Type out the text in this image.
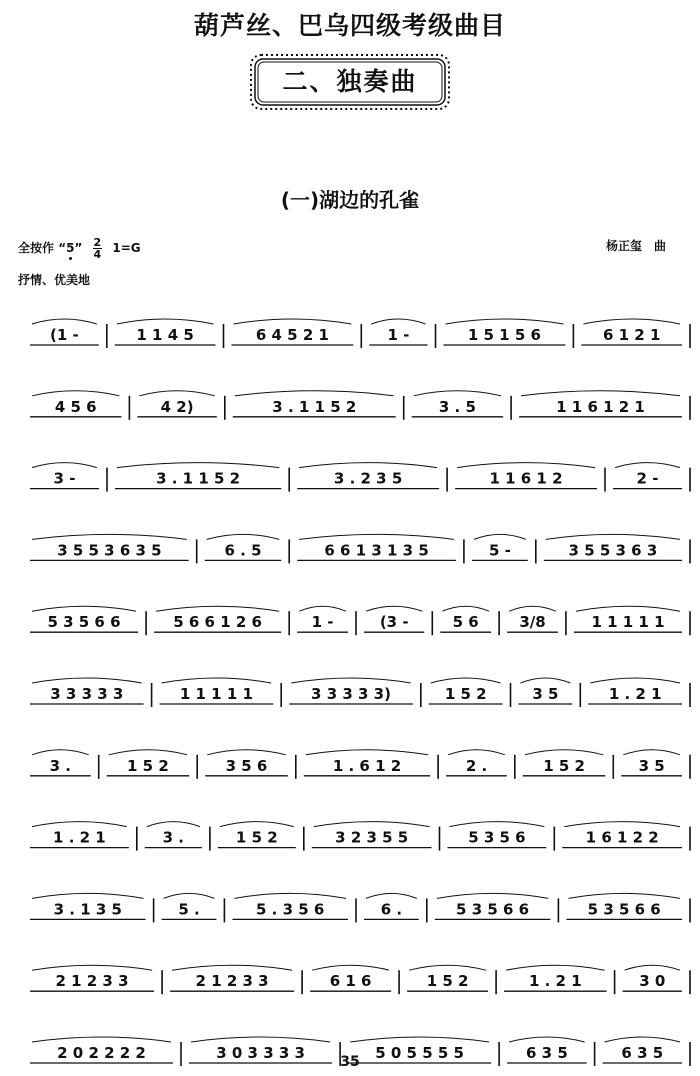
葫芦丝、巴乌四级考级曲目
二、独奏曲
(一)湖边的孔雀
全按作 “5” $\frac{2}{4} 1=G$	杨正玺　曲
抒情、优美地
(1 -	1 1 4 5	6 4 5 2 1	1 -	1 5 1 5 6	6 1 2 1
4 5 6	4 2)	3 . 1 1 5 2	3 . 5	1 1 6 1 2 1
3 -	3 . 1 1 5 2	3 . 2 3 5	1 1 6 1 2	2 -
3 5 5 3 6 3 5	6 . 5	6 6 1 3 1 3 5	5 -	3 5 5 3 6 3
5 3 5 6 6	5 6 6 1 2 6	1 -	(3 -	5 6	3/8	1 1 1 1 1
3 3 3 3 3	1 1 1 1 1	3 3 3 3 3)	1 5 2	3 5	1 . 2 1
3 .	1 5 2	3 5 6	1 . 6 1 2	2 .	1 5 2	3 5
1 . 2 1	3 .	1 5 2	3 2 3 5 5	5 3 5 6	1 6 1 2 2
3 . 1 3 5	5 .	5 . 3 5 6	6 .	5 3 5 6 6	5 3 5 6 6
2 1 2 3 3	2 1 2 3 3	6 1 6	1 5 2	1 . 2 1	3 0
2 0 2 2 2 2	3 0 3 3 3 3	5 0 5 5 5 5	6 3 5	6 3 5
35
